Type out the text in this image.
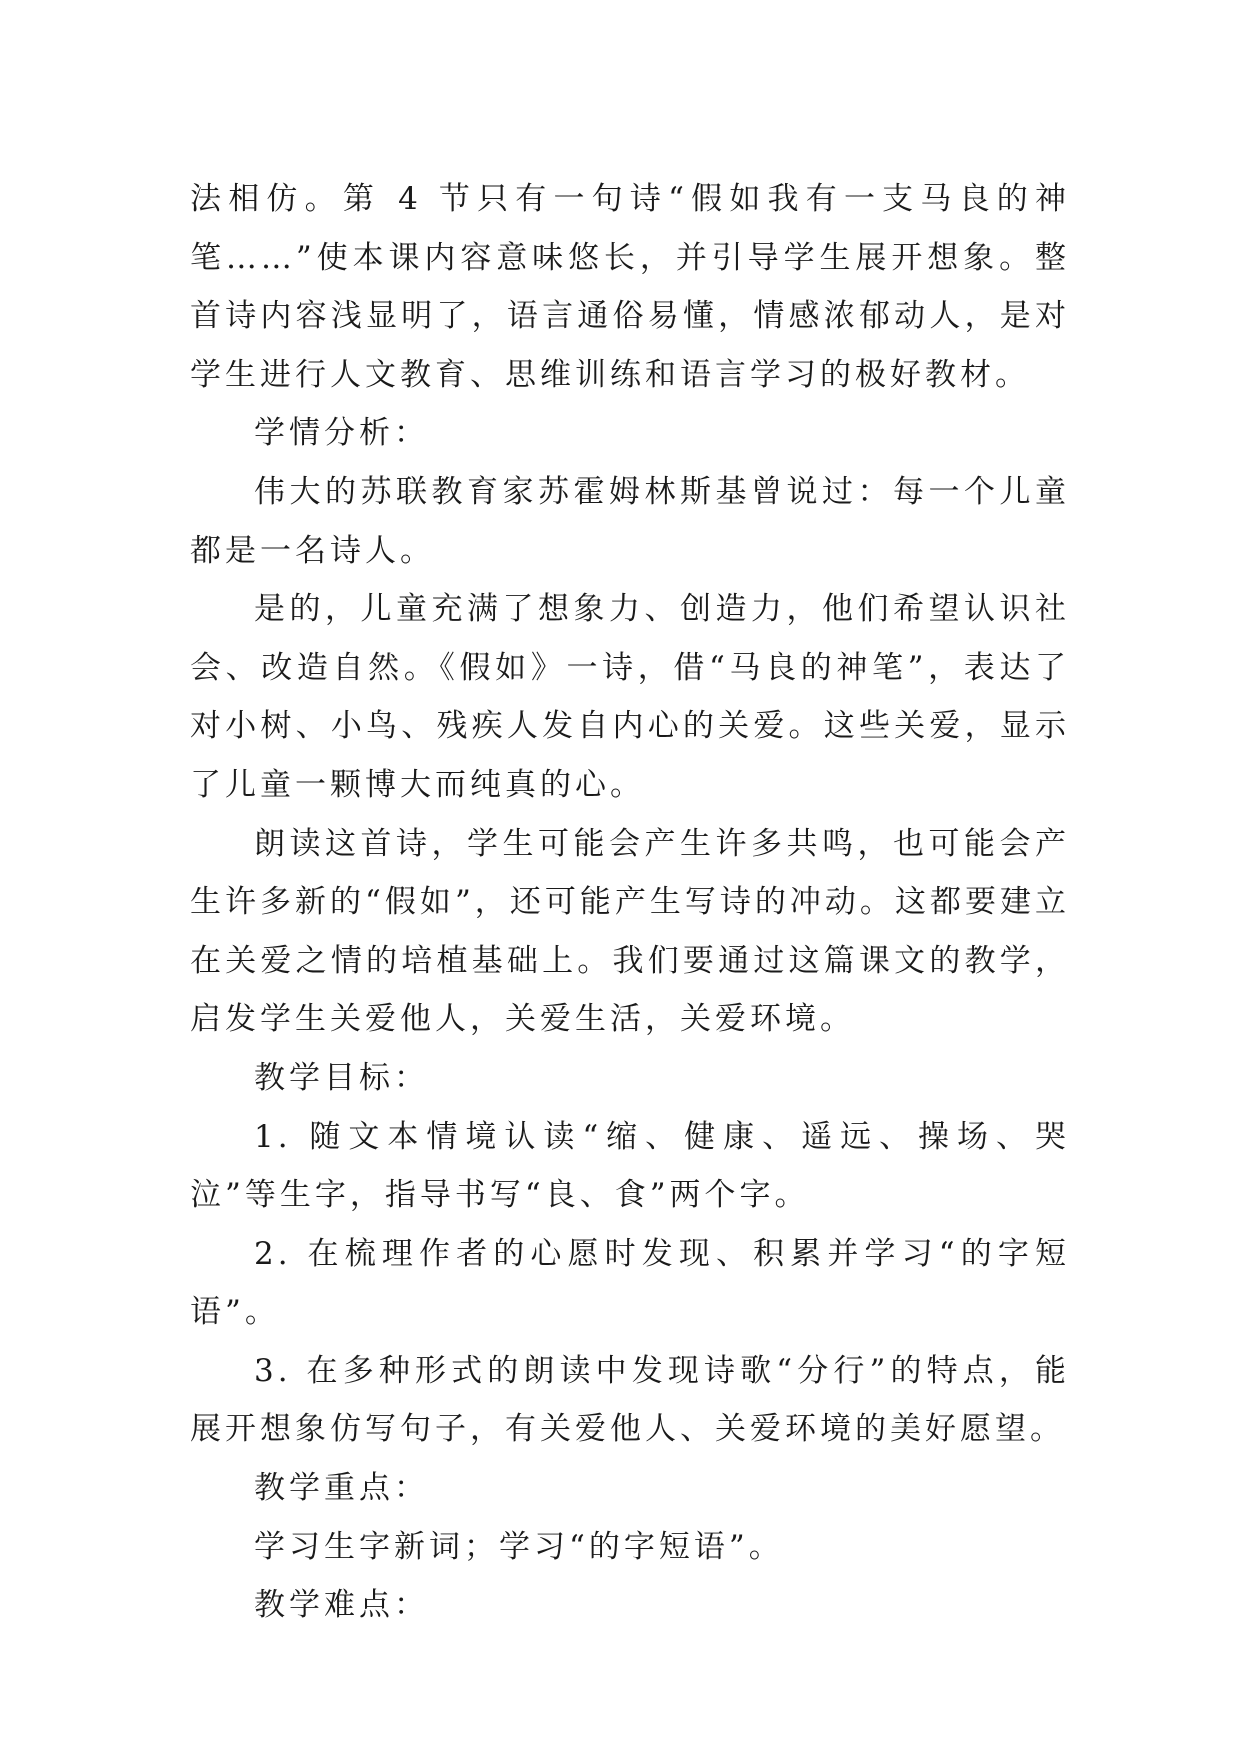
法相仿。第 4 节只有一句诗“假如我有一支马良的神笔……”使本课内容意味悠长，并引导学生展开想象。整首诗内容浅显明了，语言通俗易懂，情感浓郁动人，是对学生进行人文教育、思维训练和语言学习的极好教材。

学情分析：

伟大的苏联教育家苏霍姆林斯基曾说过：每一个儿童都是一名诗人。

是的，儿童充满了想象力、创造力，他们希望认识社会、改造自然。《假如》一诗，借“马良的神笔”，表达了对小树、小鸟、残疾人发自内心的关爱。这些关爱，显示了儿童一颗博大而纯真的心。

朗读这首诗，学生可能会产生许多共鸣，也可能会产生许多新的“假如”，还可能产生写诗的冲动。这都要建立在关爱之情的培植基础上。我们要通过这篇课文的教学，启发学生关爱他人，关爱生活，关爱环境。

教学目标：

1. 随文本情境认读“缩、健康、遥远、操场、哭泣”等生字，指导书写“良、食”两个字。

2. 在梳理作者的心愿时发现、积累并学习“的字短语”。

3. 在多种形式的朗读中发现诗歌“分行”的特点，能展开想象仿写句子，有关爱他人、关爱环境的美好愿望。

教学重点：

学习生字新词；学习“的字短语”。

教学难点：
